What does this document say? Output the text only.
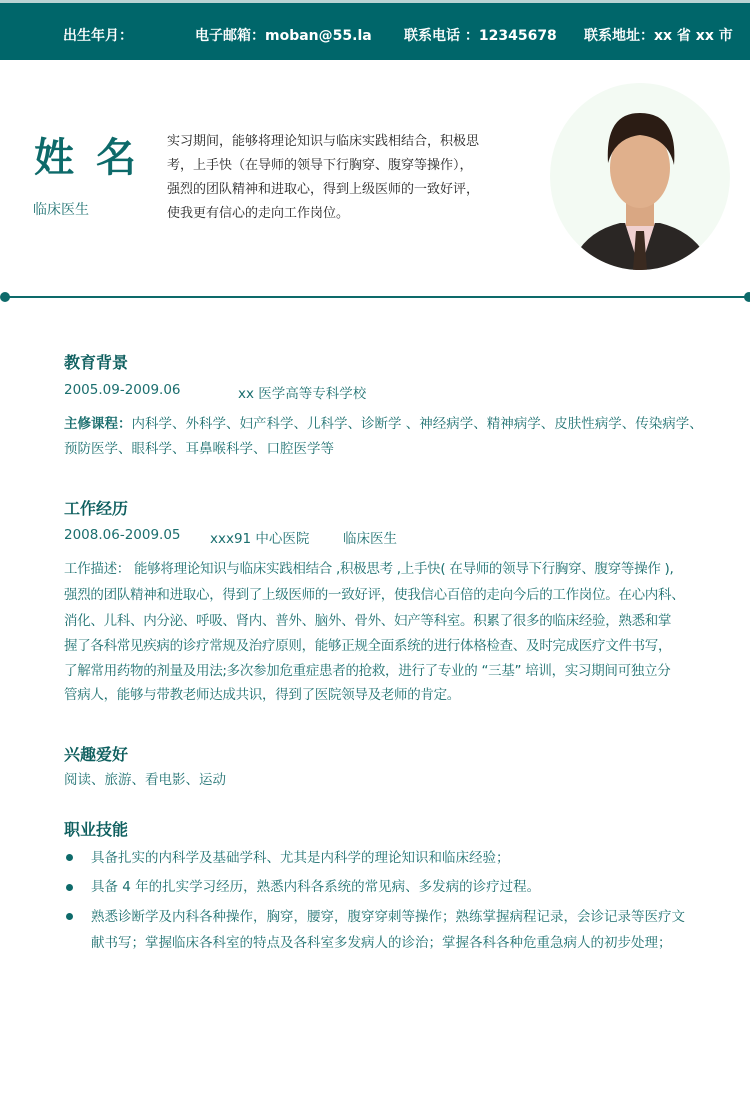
出生年月：	电子邮箱：moban@55.la 联系电话 ：12345678 联系地址：xx 省 xx 市
姓名
临床医生
实习期间，能够将理论知识与临床实践相结合，积极思
考，上手快（在导师的领导下行胸穿、腹穿等操作），
强烈的团队精神和进取心，得到上级医师的一致好评，
使我更有信心的走向工作岗位。
教育背景
2005.09-2009.06	xx 医学高等专科学校
主修课程：内科学、外科学、妇产科学、儿科学、诊断学 、神经病学、精神病学、皮肤性病学、传染病学、
预防医学、眼科学、耳鼻喉科学、口腔医学等
工作经历
2008.06-2009.05 xxx91 中心医院 临床医生
工作描述： 能够将理论知识与临床实践相结合 ,积极思考 ,上手快( 在导师的领导下行胸穿、腹穿等操作 ),
强烈的团队精神和进取心，得到了上级医师的一致好评，使我信心百倍的走向今后的工作岗位。在心内科、
消化、儿科、内分泌、呼吸、肾内、普外、脑外、骨外、妇产等科室。积累了很多的临床经验，熟悉和掌
握了各科常见疾病的诊疗常规及治疗原则，能够正规全面系统的进行体格检查、及时完成医疗文件书写，
了解常用药物的剂量及用法;多次参加危重症患者的抢救，进行了专业的 “三基” 培训，实习期间可独立分
管病人，能够与带教老师达成共识，得到了医院领导及老师的肯定。
兴趣爱好
阅读、旅游、看电影、运动
职业技能
具备扎实的内科学及基础学科、尤其是内科学的理论知识和临床经验；
具备 4 年的扎实学习经历，熟悉内科各系统的常见病、多发病的诊疗过程。
熟悉诊断学及内科各种操作，胸穿，腰穿，腹穿穿刺等操作；熟练掌握病程记录，会诊记录等医疗文
献书写；掌握临床各科室的特点及各科室多发病人的诊治；掌握各科各种危重急病人的初步处理；
